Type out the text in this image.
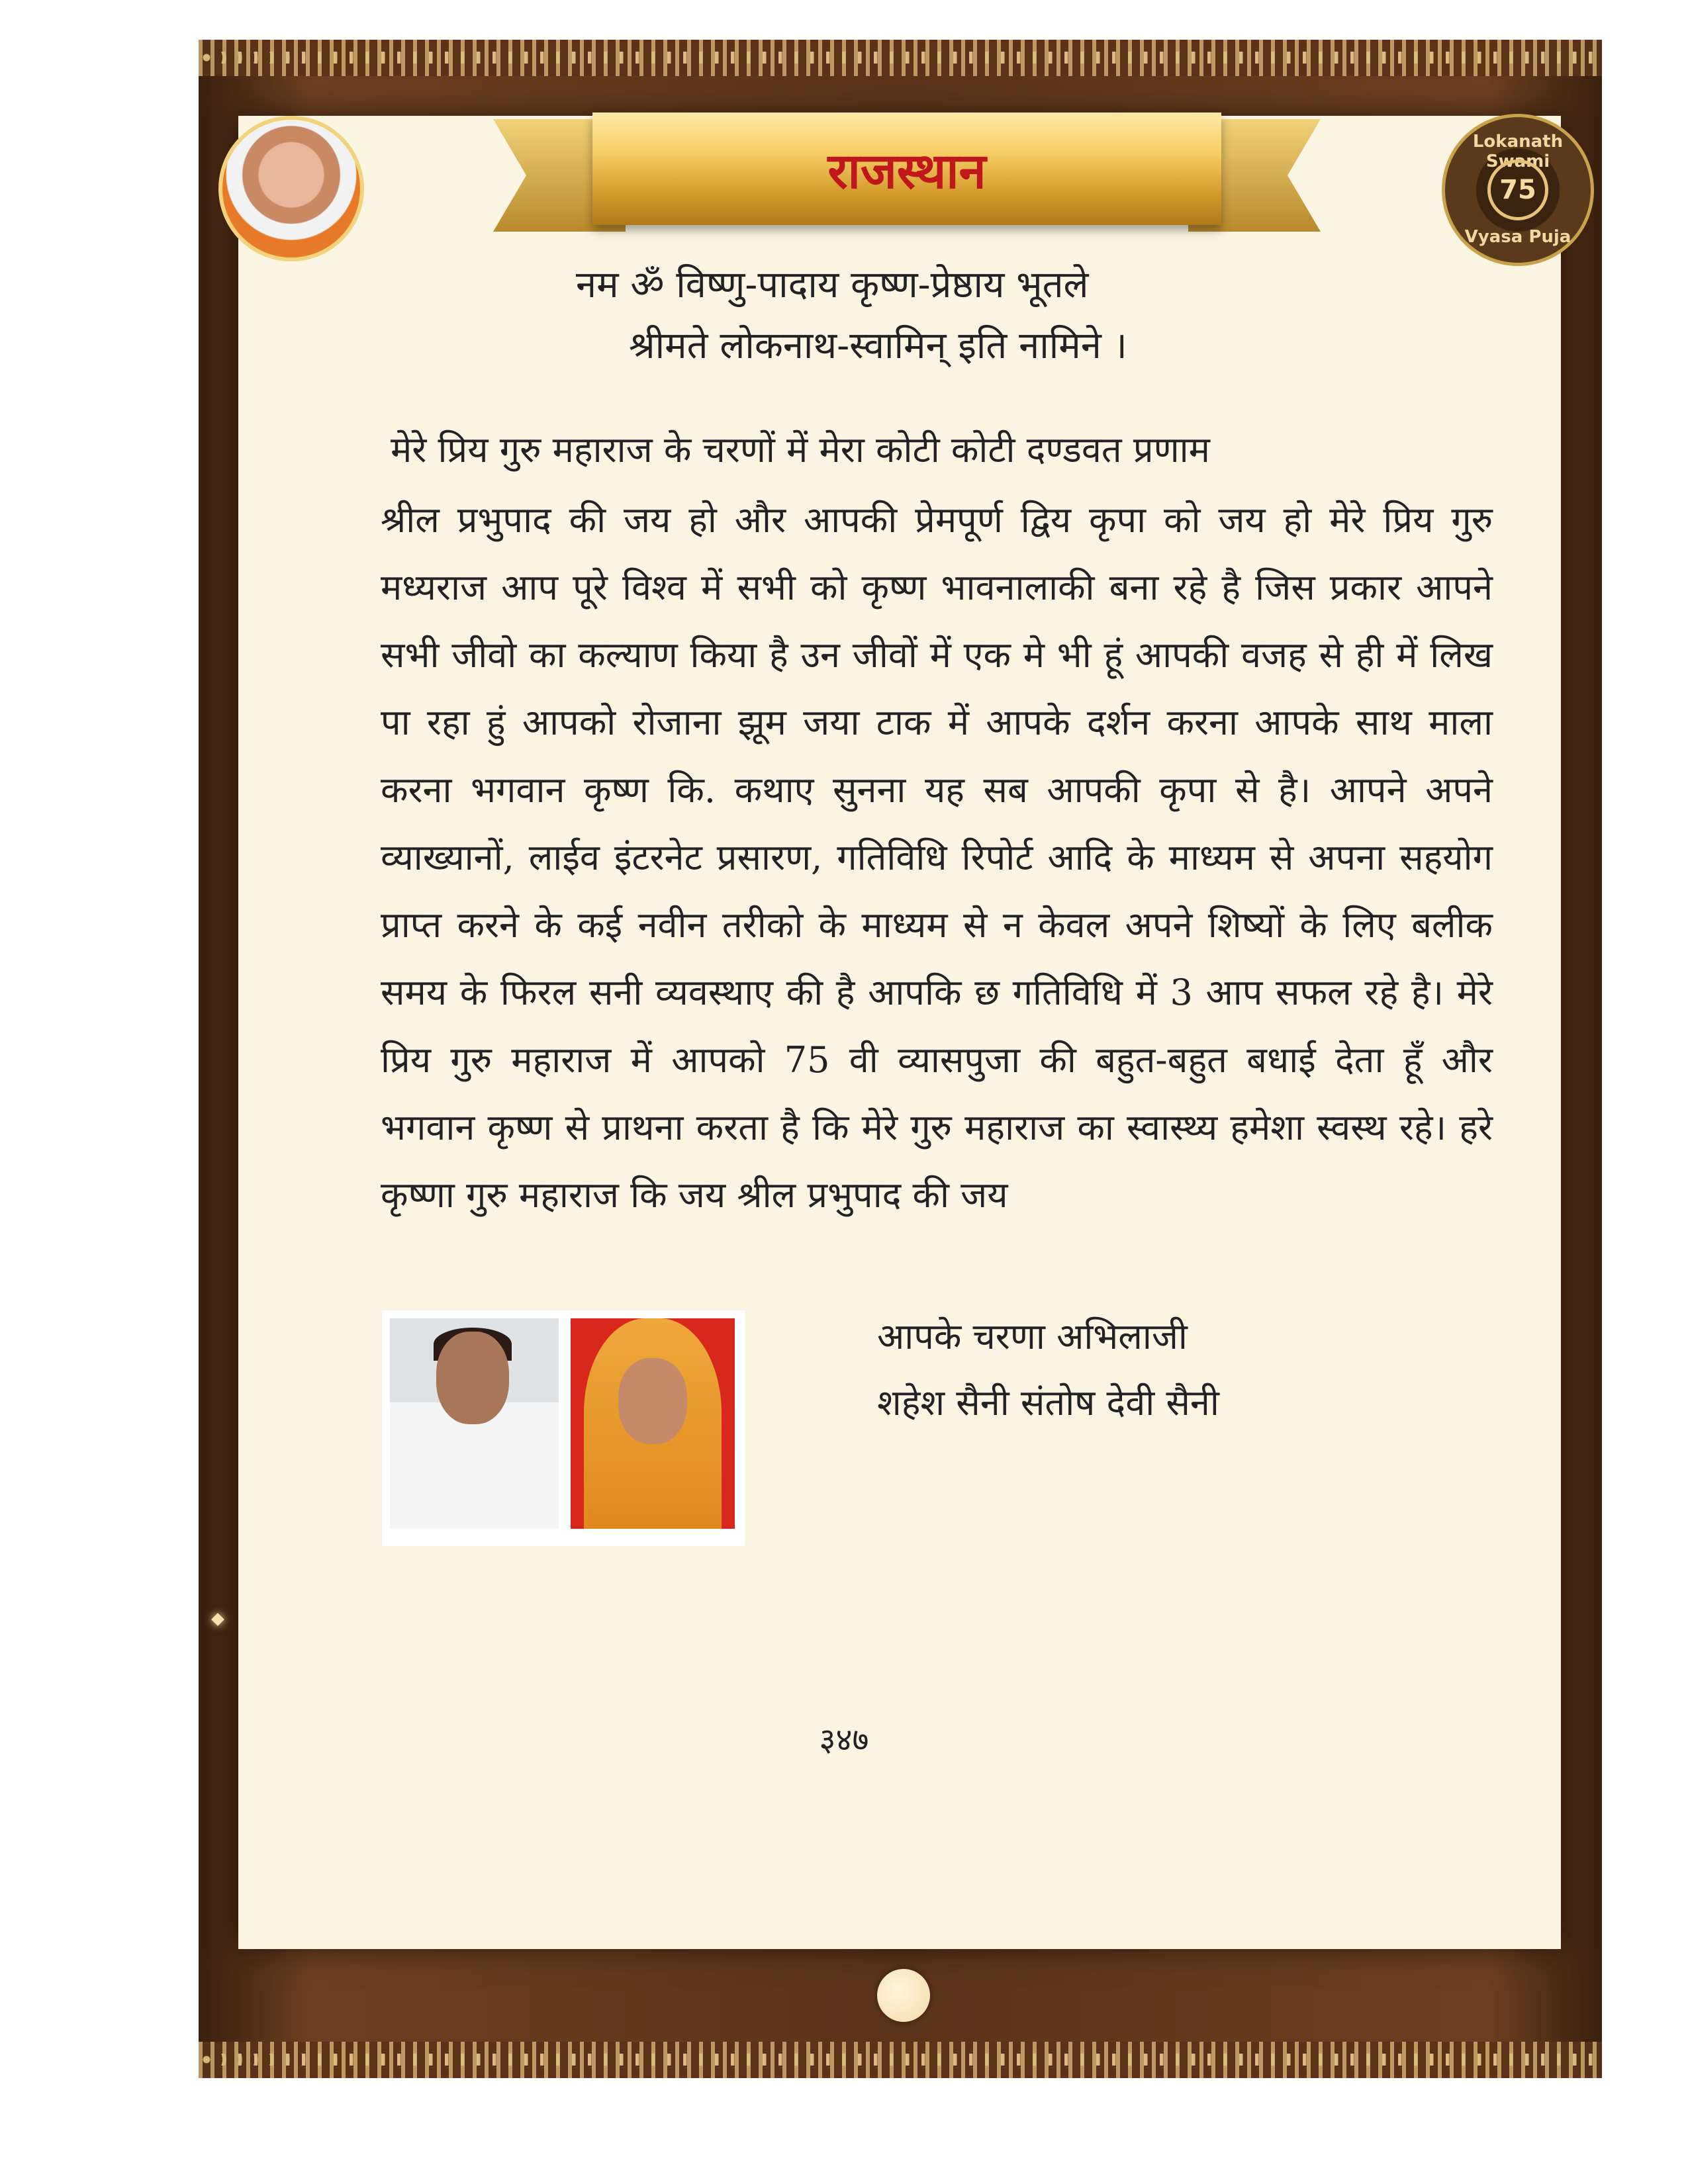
Lokanath Swami
75
Vyasa Puja
राजस्थान
नम ॐ विष्णु-पादाय कृष्ण-प्रेष्ठाय भूतले
श्रीमते लोकनाथ-स्वामिन् इति नामिने ।
मेरे प्रिय गुरु महाराज के चरणों में मेरा कोटी कोटी दण्डवत प्रणाम
श्रील प्रभुपाद की जय हो और आपकी प्रेमपूर्ण द्विय कृपा को जय हो मेरे प्रिय गुरु मध्यराज आप पूरे विश्व में सभी को कृष्ण भावनालाकी बना रहे है जिस प्रकार आपने सभी जीवो का कल्याण किया है उन जीवों में एक मे भी हूं आपकी वजह से ही में लिख पा रहा हुं आपको रोजाना झूम जया टाक में आपके दर्शन करना आपके साथ माला करना भगवान कृष्ण कि. कथाए सुनना यह सब आपकी कृपा से है। आपने अपने व्याख्यानों, लाईव इंटरनेट प्रसारण, गतिविधि रिपोर्ट आदि के माध्यम से अपना सहयोग प्राप्त करने के कई नवीन तरीको के माध्यम से न केवल अपने शिष्यों के लिए बलीक समय के फिरल सनी व्यवस्थाए की है आपकि छ गतिविधि में 3 आप सफल रहे है। मेरे प्रिय गुरु महाराज में आपको 75 वी व्यासपुजा की बहुत-बहुत बधाई देता हूँ और भगवान कृष्ण से प्राथना करता है कि मेरे गुरु महाराज का स्वास्थ्य हमेशा स्वस्थ रहे। हरे कृष्णा गुरु महाराज कि जय श्रील प्रभुपाद की जय
आपके चरणा अभिलाजी
शहेश सैनी संतोष देवी सैनी
३४७
